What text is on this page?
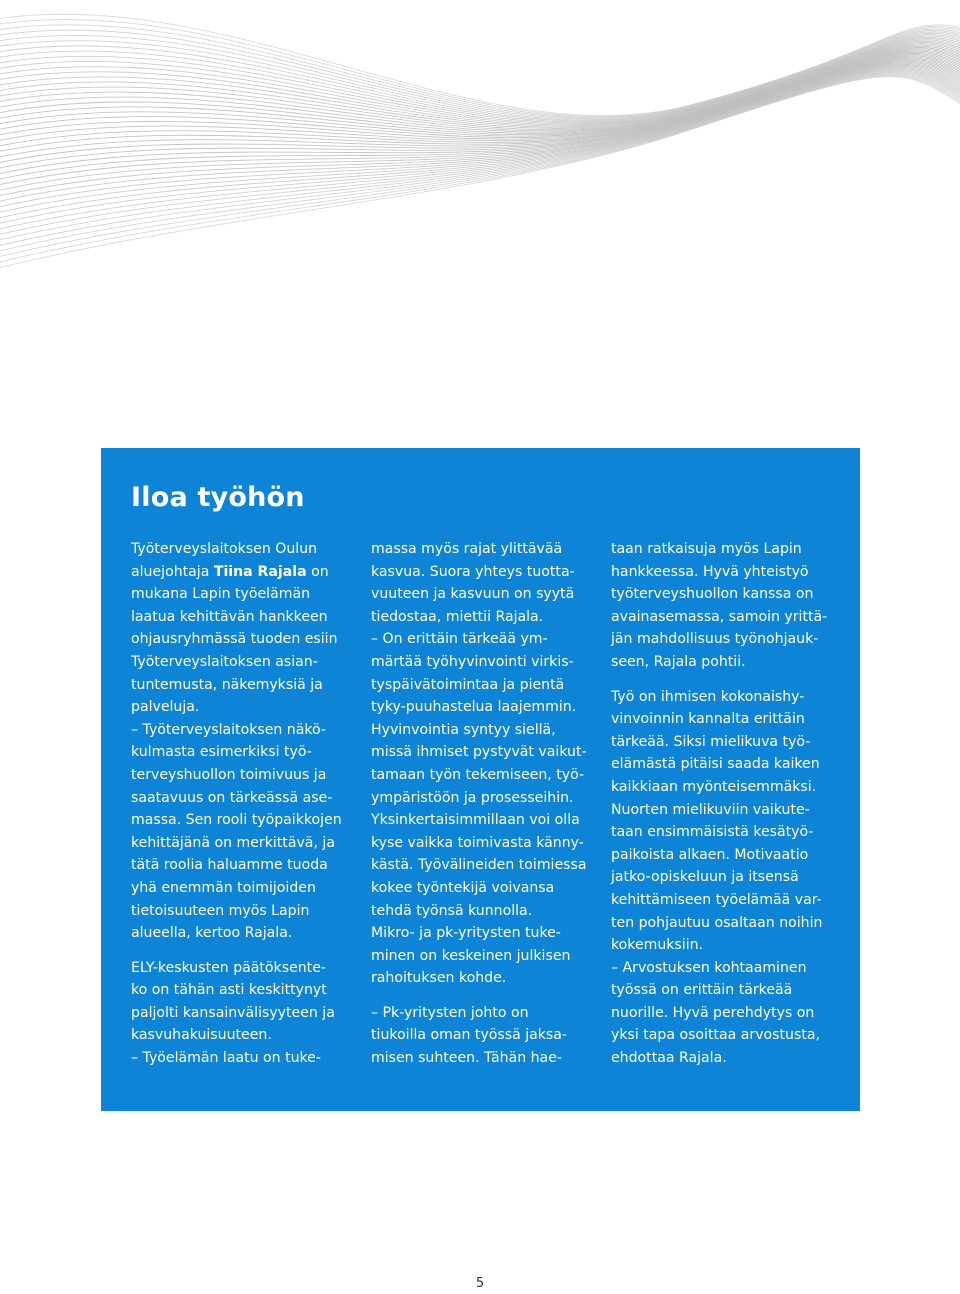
Iloa työhön
Työterveyslaitoksen Oulun
aluejohtaja Tiina Rajala on
mukana Lapin työelämän
laatua kehittävän hankkeen
ohjausryhmässä tuoden esiin
Työterveyslaitoksen asian-
tuntemusta, näkemyksiä ja
palveluja.
– Työterveyslaitoksen näkö-
kulmasta esimerkiksi työ-
terveyshuollon toimivuus ja
saatavuus on tärkeässä ase-
massa. Sen rooli työpaikkojen
kehittäjänä on merkittävä, ja
tätä roolia haluamme tuoda
yhä enemmän toimijoiden
tietoisuuteen myös Lapin
alueella, kertoo Rajala.
ELY-keskusten päätöksente-
ko on tähän asti keskittynyt
paljolti kansainvälisyyteen ja
kasvuhakuisuuteen.
– Työelämän laatu on tuke-
massa myös rajat ylittävää
kasvua. Suora yhteys tuotta-
vuuteen ja kasvuun on syytä
tiedostaa, miettii Rajala.
– On erittäin tärkeää ym-
märtää työhyvinvointi virkis-
tyspäivätoimintaa ja pientä
tyky-puuhastelua laajemmin.
Hyvinvointia syntyy siellä,
missä ihmiset pystyvät vaikut-
tamaan työn tekemiseen, työ-
ympäristöön ja prosesseihin.
Yksinkertaisimmillaan voi olla
kyse vaikka toimivasta känny-
kästä. Työvälineiden toimiessa
kokee työntekijä voivansa
tehdä työnsä kunnolla.
Mikro- ja pk-yritysten tuke-
minen on keskeinen julkisen
rahoituksen kohde.
– Pk-yritysten johto on
tiukoilla oman työssä jaksa-
misen suhteen. Tähän hae-
taan ratkaisuja myös Lapin
hankkeessa. Hyvä yhteistyö
työterveyshuollon kanssa on
avainasemassa, samoin yrittä-
jän mahdollisuus työnohjauk-
seen, Rajala pohtii.
Työ on ihmisen kokonaishy-
vinvoinnin kannalta erittäin
tärkeää. Siksi mielikuva työ-
elämästä pitäisi saada kaiken
kaikkiaan myönteisemmäksi.
Nuorten mielikuviin vaikute-
taan ensimmäisistä kesätyö-
paikoista alkaen. Motivaatio
jatko-opiskeluun ja itsensä
kehittämiseen työelämää var-
ten pohjautuu osaltaan noihin
kokemuksiin.
– Arvostuksen kohtaaminen
työssä on erittäin tärkeää
nuorille. Hyvä perehdytys on
yksi tapa osoittaa arvostusta,
ehdottaa Rajala.
5
